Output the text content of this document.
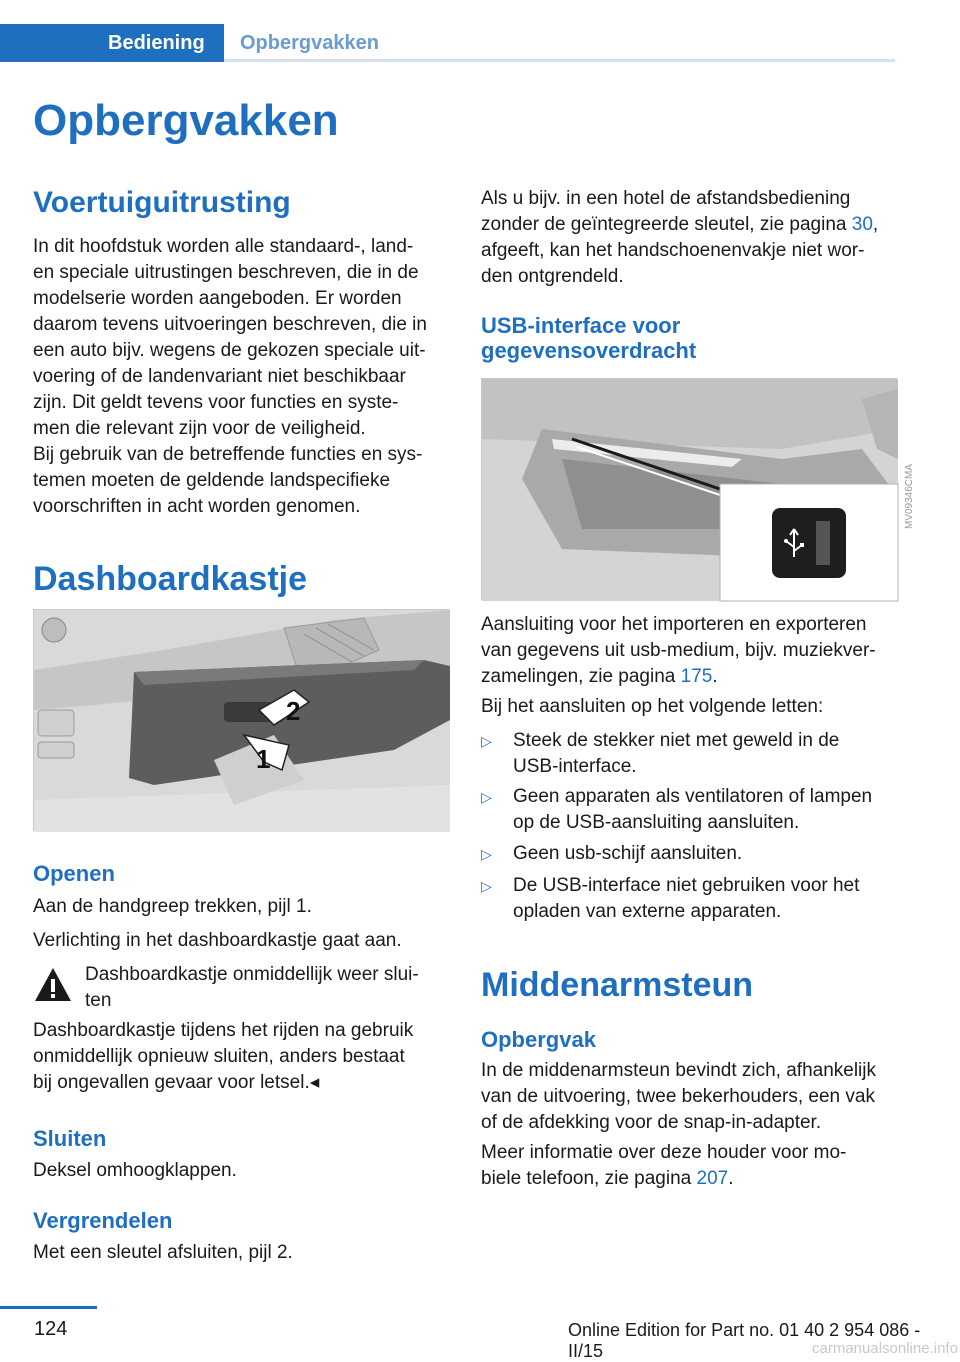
Bediening	Opbergvakken
Opbergvakken
Voertuiguitrusting
In dit hoofdstuk worden alle standaard-, land-
en speciale uitrustingen beschreven, die in de
modelserie worden aangeboden. Er worden
daarom tevens uitvoeringen beschreven, die in
een auto bijv. wegens de gekozen speciale uit-
voering of de landenvariant niet beschikbaar
zijn. Dit geldt tevens voor functies en syste-
men die relevant zijn voor de veiligheid.
Bij gebruik van de betreffende functies en sys-
temen moeten de geldende landspecifieke
voorschriften in acht worden genomen.
Dashboardkastje
2
1
Openen
Aan de handgreep trekken, pijl 1.
Verlichting in het dashboardkastje gaat aan.
Dashboardkastje onmiddellijk weer slui-
ten
Dashboardkastje tijdens het rijden na gebruik
onmiddellijk opnieuw sluiten, anders bestaat
bij ongevallen gevaar voor letsel.◂
Sluiten
Deksel omhoogklappen.
Vergrendelen
Met een sleutel afsluiten, pijl 2.
Als u bijv. in een hotel de afstandsbediening
zonder de geïntegreerde sleutel, zie pagina 30,
afgeeft, kan het handschoenenvakje niet wor-
den ontgrendeld.
USB-interface voor
gegevensoverdracht
MV09346CMA
Aansluiting voor het importeren en exporteren
van gegevens uit usb-medium, bijv. muziekver-
zamelingen, zie pagina 175.
Bij het aansluiten op het volgende letten:
▷ Steek de stekker niet met geweld in de
USB-interface.
▷ Geen apparaten als ventilatoren of lampen
op de USB-aansluiting aansluiten.
▷ Geen usb-schijf aansluiten.
▷ De USB-interface niet gebruiken voor het
opladen van externe apparaten.
Middenarmsteun
Opbergvak
In de middenarmsteun bevindt zich, afhankelijk
van de uitvoering, twee bekerhouders, een vak
of de afdekking voor de snap-in-adapter.
Meer informatie over deze houder voor mo-
biele telefoon, zie pagina 207.
124	Online Edition for Part no. 01 40 2 954 086 - II/15	carmanualsonline.info
